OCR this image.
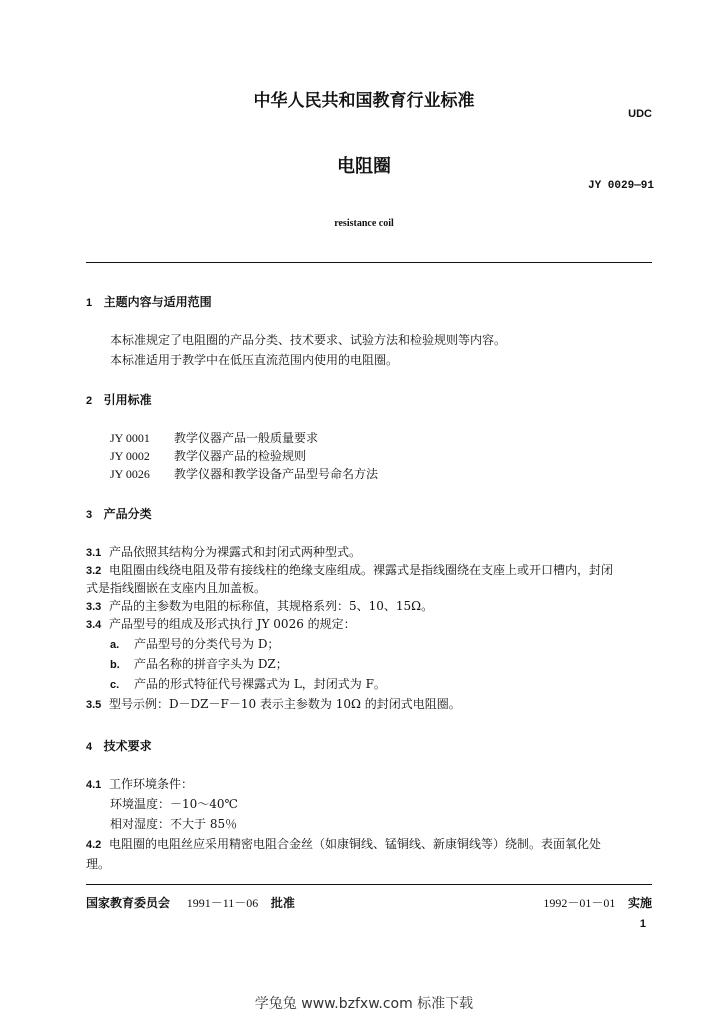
中华人民共和国教育行业标准
UDC
电阻圈
JY 0029—91
resistance coil
1 主题内容与适用范围
本标准规定了电阻圈的产品分类、技术要求、试验方法和检验规则等内容。
本标准适用于教学中在低压直流范围内使用的电阻圈。
2 引用标准
JY 0001 教学仪器产品一般质量要求
JY 0002 教学仪器产品的检验规则
JY 0026 教学仪器和教学设备产品型号命名方法
3 产品分类
3.1 产品依照其结构分为裸露式和封闭式两种型式。
3.2 电阻圈由线绕电阻及带有接线柱的绝缘支座组成。裸露式是指线圈绕在支座上或开口槽内，封闭
式是指线圈嵌在支座内且加盖板。
3.3 产品的主参数为电阻的标称值，其规格系列：5、10、15Ω。
3.4 产品型号的组成及形式执行 JY 0026 的规定：
a. 产品型号的分类代号为 D；
b. 产品名称的拼音字头为 DZ；
c. 产品的形式特征代号裸露式为 L，封闭式为 F。
3.5 型号示例：D－DZ－F－10 表示主参数为 10Ω 的封闭式电阻圈。
4 技术要求
4.1 工作环境条件：
环境温度：－10～40℃
相对湿度：不大于 85％
4.2 电阻圈的电阻丝应采用精密电阻合金丝（如康铜线、锰铜线、新康铜线等）绕制。表面氧化处
理。
国家教育委员会 1991－11－06 批准	1992－01－01 实施
1
学兔兔 www.bzfxw.com 标准下载
